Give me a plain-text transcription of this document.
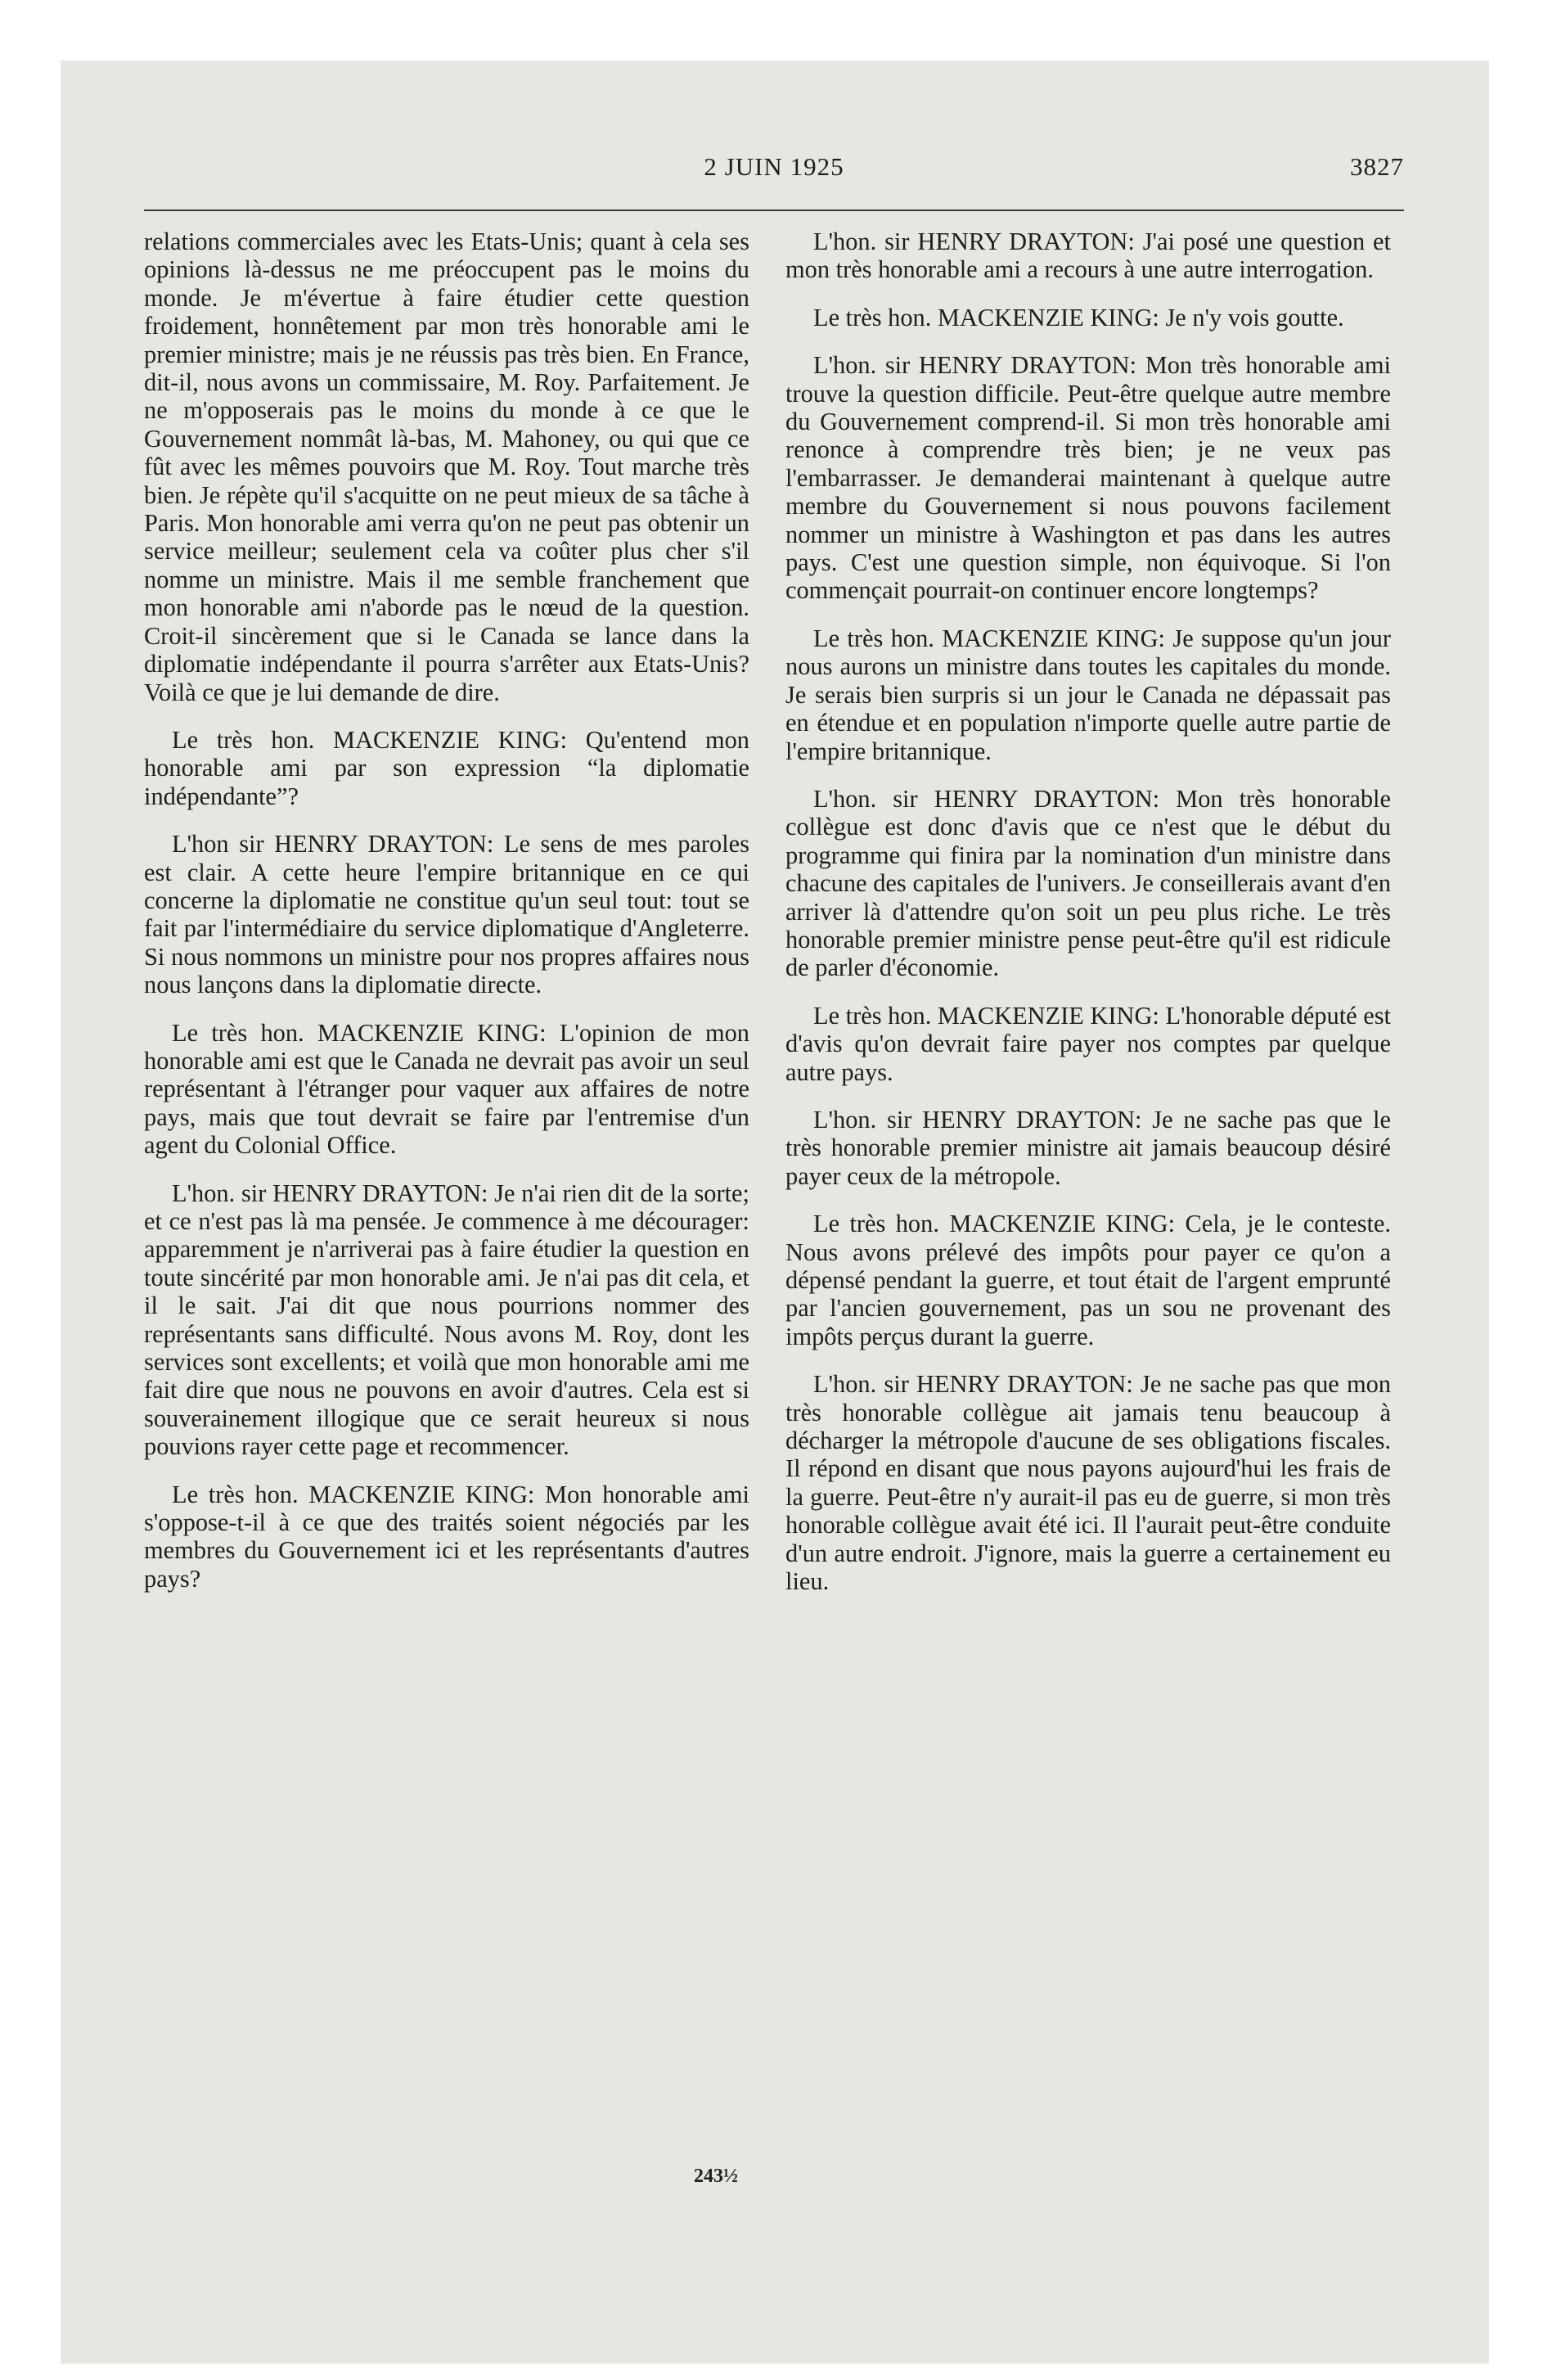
2 JUIN 1925	3827

relations commerciales avec les Etats-Unis; quant à cela ses opinions là-dessus ne me préoccupent pas le moins du monde. Je m'évertue à faire étudier cette question froidement, honnêtement par mon très honorable ami le premier ministre; mais je ne réussis pas très bien. En France, dit-il, nous avons un commissaire, M. Roy. Parfaitement. Je ne m'opposerais pas le moins du monde à ce que le Gouvernement nommât là-bas, M. Mahoney, ou qui que ce fût avec les mêmes pouvoirs que M. Roy. Tout marche très bien. Je répète qu'il s'acquitte on ne peut mieux de sa tâche à Paris. Mon honorable ami verra qu'on ne peut pas obtenir un service meilleur; seulement cela va coûter plus cher s'il nomme un ministre. Mais il me semble franchement que mon honorable ami n'aborde pas le nœud de la question. Croit-il sincèrement que si le Canada se lance dans la diplomatie indépendante il pourra s'arrêter aux Etats-Unis? Voilà ce que je lui demande de dire.

Le très hon. MACKENZIE KING: Qu'entend mon honorable ami par son expression “la diplomatie indépendante”?

L'hon sir HENRY DRAYTON: Le sens de mes paroles est clair. A cette heure l'empire britannique en ce qui concerne la diplomatie ne constitue qu'un seul tout: tout se fait par l'intermédiaire du service diplomatique d'Angleterre. Si nous nommons un ministre pour nos propres affaires nous nous lançons dans la diplomatie directe.

Le très hon. MACKENZIE KING: L'opinion de mon honorable ami est que le Canada ne devrait pas avoir un seul représentant à l'étranger pour vaquer aux affaires de notre pays, mais que tout devrait se faire par l'entremise d'un agent du Colonial Office.

L'hon. sir HENRY DRAYTON: Je n'ai rien dit de la sorte; et ce n'est pas là ma pensée. Je commence à me décourager: apparemment je n'arriverai pas à faire étudier la question en toute sincérité par mon honorable ami. Je n'ai pas dit cela, et il le sait. J'ai dit que nous pourrions nommer des représentants sans difficulté. Nous avons M. Roy, dont les services sont excellents; et voilà que mon honorable ami me fait dire que nous ne pouvons en avoir d'autres. Cela est si souverainement illogique que ce serait heureux si nous pouvions rayer cette page et recommencer.

Le très hon. MACKENZIE KING: Mon honorable ami s'oppose-t-il à ce que des traités soient négociés par les membres du Gouvernement ici et les représentants d'autres pays?

L'hon. sir HENRY DRAYTON: J'ai posé une question et mon très honorable ami a recours à une autre interrogation.

Le très hon. MACKENZIE KING: Je n'y vois goutte.

L'hon. sir HENRY DRAYTON: Mon très honorable ami trouve la question difficile. Peut-être quelque autre membre du Gouvernement comprend-il. Si mon très honorable ami renonce à comprendre très bien; je ne veux pas l'embarrasser. Je demanderai maintenant à quelque autre membre du Gouvernement si nous pouvons facilement nommer un ministre à Washington et pas dans les autres pays. C'est une question simple, non équivoque. Si l'on commençait pourrait-on continuer encore longtemps?

Le très hon. MACKENZIE KING: Je suppose qu'un jour nous aurons un ministre dans toutes les capitales du monde. Je serais bien surpris si un jour le Canada ne dépassait pas en étendue et en population n'importe quelle autre partie de l'empire britannique.

L'hon. sir HENRY DRAYTON: Mon très honorable collègue est donc d'avis que ce n'est que le début du programme qui finira par la nomination d'un ministre dans chacune des capitales de l'univers. Je conseillerais avant d'en arriver là d'attendre qu'on soit un peu plus riche. Le très honorable premier ministre pense peut-être qu'il est ridicule de parler d'économie.

Le très hon. MACKENZIE KING: L'honorable député est d'avis qu'on devrait faire payer nos comptes par quelque autre pays.

L'hon. sir HENRY DRAYTON: Je ne sache pas que le très honorable premier ministre ait jamais beaucoup désiré payer ceux de la métropole.

Le très hon. MACKENZIE KING: Cela, je le conteste. Nous avons prélevé des impôts pour payer ce qu'on a dépensé pendant la guerre, et tout était de l'argent emprunté par l'ancien gouvernement, pas un sou ne provenant des impôts perçus durant la guerre.

L'hon. sir HENRY DRAYTON: Je ne sache pas que mon très honorable collègue ait jamais tenu beaucoup à décharger la métropole d'aucune de ses obligations fiscales. Il répond en disant que nous payons aujourd'hui les frais de la guerre. Peut-être n'y aurait-il pas eu de guerre, si mon très honorable collègue avait été ici. Il l'aurait peut-être conduite d'un autre endroit. J'ignore, mais la guerre a certainement eu lieu.

243½
